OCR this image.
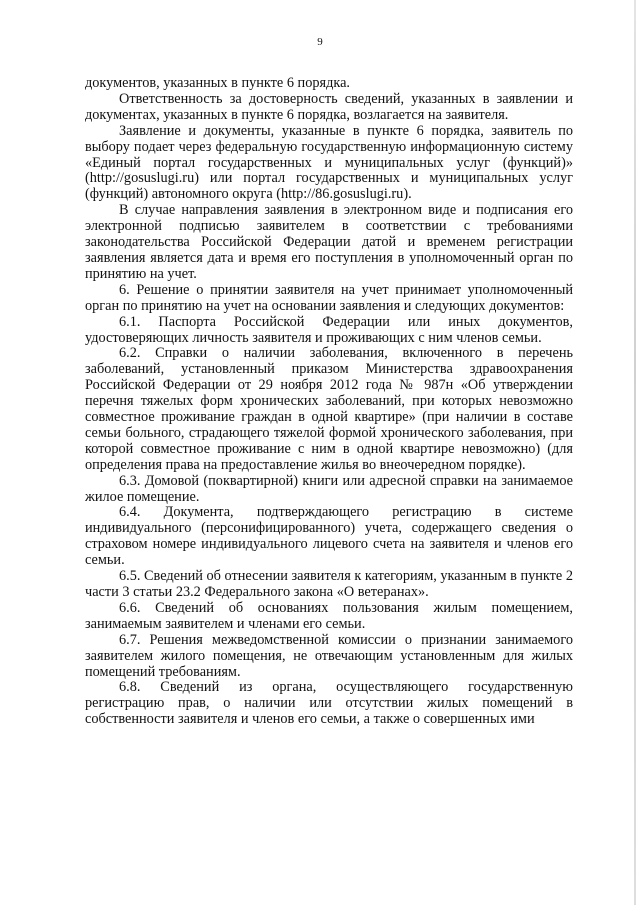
9

документов, указанных в пункте 6 порядка.

Ответственность за достоверность сведений, указанных в заявлении и документах, указанных в пункте 6 порядка, возлагается на заявителя.

Заявление и документы, указанные в пункте 6 порядка, заявитель по выбору подает через федеральную государственную информационную систему «Единый портал государственных и муниципальных услуг (функций)» (http://gosuslugi.ru) или портал государственных и муниципальных услуг (функций) автономного округа (http://86.gosuslugi.ru).

В случае направления заявления в электронном виде и подписания его электронной подписью заявителем в соответствии с требованиями законодательства Российской Федерации датой и временем регистрации заявления является дата и время его поступления в уполномоченный орган по принятию на учет.

6. Решение о принятии заявителя на учет принимает уполномоченный орган по принятию на учет на основании заявления и следующих документов:

6.1. Паспорта Российской Федерации или иных документов, удостоверяющих личность заявителя и проживающих с ним членов семьи.

6.2. Справки о наличии заболевания, включенного в перечень заболеваний, установленный приказом Министерства здравоохранения Российской Федерации от 29 ноября 2012 года № 987н «Об утверждении перечня тяжелых форм хронических заболеваний, при которых невозможно совместное проживание граждан в одной квартире» (при наличии в составе семьи больного, страдающего тяжелой формой хронического заболевания, при которой совместное проживание с ним в одной квартире невозможно) (для определения права на предоставление жилья во внеочередном порядке).

6.3. Домовой (поквартирной) книги или адресной справки на занимаемое жилое помещение.

6.4. Документа, подтверждающего регистрацию в системе индивидуального (персонифицированного) учета, содержащего сведения о страховом номере индивидуального лицевого счета на заявителя и членов его семьи.

6.5. Сведений об отнесении заявителя к категориям, указанным в пункте 2 части 3 статьи 23.2 Федерального закона «О ветеранах».

6.6. Сведений об основаниях пользования жилым помещением, занимаемым заявителем и членами его семьи.

6.7. Решения межведомственной комиссии о признании занимаемого заявителем жилого помещения, не отвечающим установленным для жилых помещений требованиям.

6.8. Сведений из органа, осуществляющего государственную регистрацию прав, о наличии или отсутствии жилых помещений в собственности заявителя и членов его семьи, а также о совершенных ими
